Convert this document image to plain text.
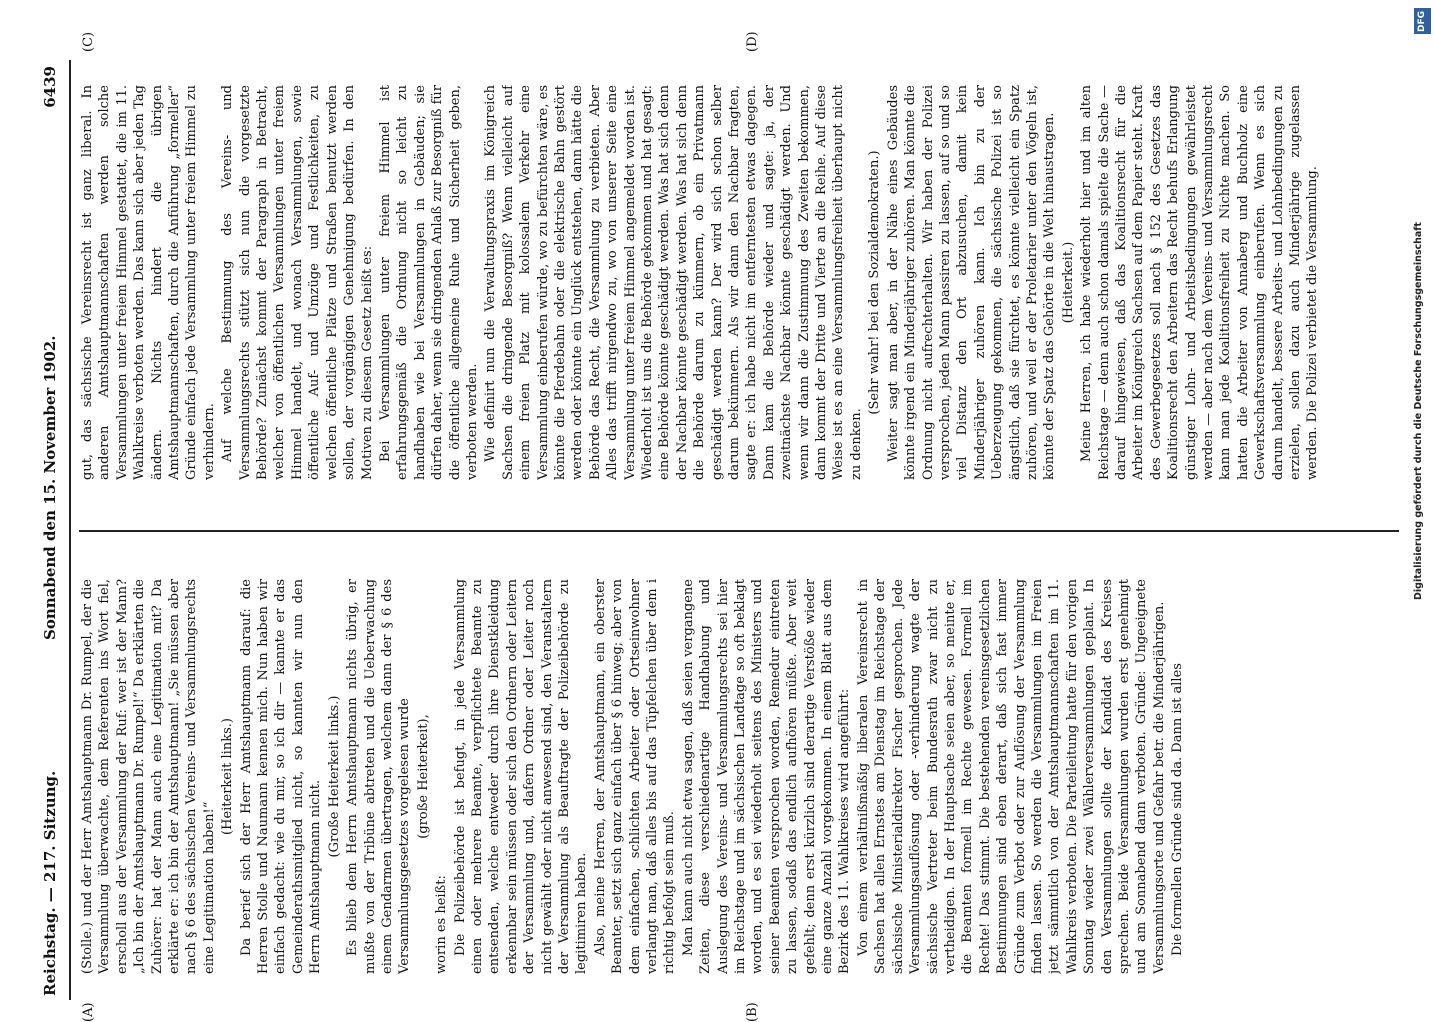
Reichstag. — 217. Sitzung.
Sonnabend den 15. November 1902.
6439
(A)	(B)
(C)	(D)

(Stolle.) und der Herr Amtshauptmann Dr. Rumpel, der die Versammlung überwachte, dem Referenten ins Wort fiel, erscholl aus der Versammlung der Ruf: wer ist der Mann? „Ich bin der Amtshauptmann Dr. Rumpel!“ Da erklärten die Zuhörer: hat der Mann auch eine Legitimation mit? Da erklärte er: ich bin der Amtshauptmann! „Sie müssen aber nach § 6 des sächsischen Vereins- und Versammlungsrechts eine Legitimation haben!“

(Heiterkeit links.) Da berief sich der Herr Amtshauptmann darauf: die Herren Stolle und Naumann kennen mich. Nun haben wir einfach gedacht: wie du mir, so ich dir — kannte er das Gemeinderathsmitglied nicht, so kannten wir nun den Herrn Amtshauptmann nicht.

(Große Heiterkeit links.) Es blieb dem Herrn Amtshauptmann nichts übrig, er mußte von der Tribüne abtreten und die Ueberwachung einem Gendarmen übertragen, welchem dann der § 6 des Versammlungsgesetzes vorgelesen wurde (große Heiterkeit),

worin es heißt: Die Polizeibehörde ist befugt, in jede Versammlung einen oder mehrere Beamte, verpflichtete Beamte zu entsenden, welche entweder durch ihre Dienstkleidung erkennbar sein müssen oder sich den Ordnern oder Leitern der Versammlung und, dafern Ordner oder Leiter noch nicht gewählt oder nicht anwesend sind, den Veranstaltern der Versammlung als Beauftragte der Polizeibehörde zu legitimiren haben. Also, meine Herren, der Amtshauptmann, ein oberster Beamter, setzt sich ganz einfach über § 6 hinweg; aber von dem einfachen, schlichten Arbeiter oder Ortseinwohner verlangt man, daß alles bis auf das Tüpfelchen über dem i richtig befolgt sein muß. Man kann auch nicht etwa sagen, daß seien vergangene Zeiten, diese verschiedenartige Handhabung und Auslegung des Vereins- und Versammlungsrechts sei hier im Reichstage und im sächsischen Landtage so oft beklagt worden, und es sei wiederholt seitens des Ministers und seiner Beamten versprochen worden, Remedur eintreten zu lassen, sodaß das endlich aufhören müßte. Aber weit gefehlt; denn erst kürzlich sind derartige Verstöße wieder eine ganze Anzahl vorgekommen. In einem Blatt aus dem Bezirk des 11. Wahlkreises wird angeführt: Von einem verhältnißmäßig liberalen Vereinsrecht in Sachsen hat allen Ernstes am Dienstag im Reichstage der sächsische Ministerialdirektor Fischer gesprochen. Jede Versammlungsauflösung oder -verhinderung wagte der sächsische Vertreter beim Bundesrath zwar nicht zu vertheidigen. In der Hauptsache seien aber, so meinte er, die Beamten formell im Rechte gewesen. Formell im Rechte! Das stimmt. Die bestehenden vereinsgesetzlichen Bestimmungen sind eben derart, daß sich fast immer Gründe zum Verbot oder zur Auflösung der Versammlung finden lassen. So werden die Versammlungen im Freien jetzt sämmtlich von der Amtshauptmannschaften im 11. Wahlkreis verboten. Die Parteileitung hatte für den vorigen Sonntag wieder zwei Wählerversammlungen geplant. In den Versammlungen sollte der Kandidat des Kreises sprechen. Beide Versammlungen wurden erst genehmigt und am Sonnabend dann verboten. Gründe: Ungeeignete Versammlungsorte und Gefahr betr. die Minderjährigen. Die formellen Gründe sind da. Dann ist alles

gut, das sächsische Vereinsrecht ist ganz liberal. In anderen Amtshauptmannschaften werden solche Versammlungen unter freiem Himmel gestattet, die im 11. Wahlkreise verboten werden. Das kann sich aber jeden Tag ändern. Nichts hindert die übrigen Amtshauptmannschaften, durch die Anführung „formeller“ Gründe einfach jede Versammlung unter freiem Himmel zu verhindern. Auf welche Bestimmung des Vereins- und Versammlungsrechts stützt sich nun die vorgesetzte Behörde? Zunächst kommt der Paragraph in Betracht, welcher von öffentlichen Versammlungen unter freiem Himmel handelt, und wonach Versammlungen, sowie öffentliche Auf- und Umzüge und Festlichkeiten, zu welchen öffentliche Plätze und Straßen benutzt werden sollen, der vorgängigen Genehmigung bedürfen. In den Motiven zu diesem Gesetz heißt es: Bei Versammlungen unter freiem Himmel ist erfahrungsgemäß die Ordnung nicht so leicht zu handhaben wie bei Versammlungen in Gebäuden; sie dürfen daher, wenn sie dringenden Anlaß zur Besorgniß für die öffentliche allgemeine Ruhe und Sicherheit geben, verboten werden. Wie definirt nun die Verwaltungspraxis im Königreich Sachsen die dringende Besorgniß? Wenn vielleicht auf einem freien Platz mit kolossalem Verkehr eine Versammlung einberufen würde, wo zu befürchten wäre, es könnte die Pferdebahn oder die elektrische Bahn gestört werden oder könnte ein Unglück entstehen, dann hätte die Behörde das Recht, die Versammlung zu verbieten. Aber Alles das trifft nirgendwo zu, wo von unserer Seite eine Versammlung unter freiem Himmel angemeldet worden ist. Wiederholt ist uns die Behörde gekommen und hat gesagt: eine Behörde könnte geschädigt werden. Was hat sich denn der Nachbar könnte geschädigt werden. Was hat sich denn die Behörde darum zu kümmern, ob ein Privatmann geschädigt werden kann? Der wird sich schon selber darum bekümmern. Als wir dann den Nachbar fragten, sagte er: ich habe nicht im entferntesten etwas dagegen. Dann kam die Behörde wieder und sagte: ja, der zweitnächste Nachbar könnte geschädigt werden. Und wenn wir dann die Zustimmung des Zweiten bekommen, dann kommt der Dritte und Vierte an die Reihe. Auf diese Weise ist es an eine Versammlungsfreiheit überhaupt nicht zu denken.

(Sehr wahr! bei den Sozialdemokraten.) Weiter sagt man aber, in der Nähe eines Gebäudes könnte irgend ein Minderjähriger zuhören. Man könnte die Ordnung nicht aufrechterhalten. Wir haben der Polizei versprochen, jeden Mann passiren zu lassen, auf so und so viel Distanz den Ort abzusuchen, damit kein Minderjähriger zuhören kann. Ich bin zu der Ueberzeugung gekommen, die sächsische Polizei ist so ängstlich, daß sie fürchtet, es könnte vielleicht ein Spatz zuhören, und weil er der Proletarier unter den Vögeln ist, könnte der Spatz das Gehörte in die Welt hinaustragen. (Heiterkeit.) Meine Herren, ich habe wiederholt hier und im alten Reichstage — denn auch schon damals spielte die Sache — darauf hingewiesen, daß das Koalitionsrecht für die Arbeiter im Königreich Sachsen auf dem Papier steht. Kraft des Gewerbegesetzes soll nach § 152 des Gesetzes das Koalitionsrecht den Arbeitern das Recht behufs Erlangung günstiger Lohn- und Arbeitsbedingungen gewährleistet werden — aber nach dem Vereins- und Versammlungsrecht kann man jede Koalitionsfreiheit zu Nichte machen. So hatten die Arbeiter von Annaberg und Buchholz eine Gewerkschaftsversammlung einberufen. Wenn es sich darum handelt, bessere Arbeits- und Lohnbedingungen zu erzielen, sollen dazu auch Minderjährige zugelassen werden. Die Polizei verbietet die Versammlung.

DFG
Digitalisierung gefördert durch die Deutsche Forschungsgemeinschaft
